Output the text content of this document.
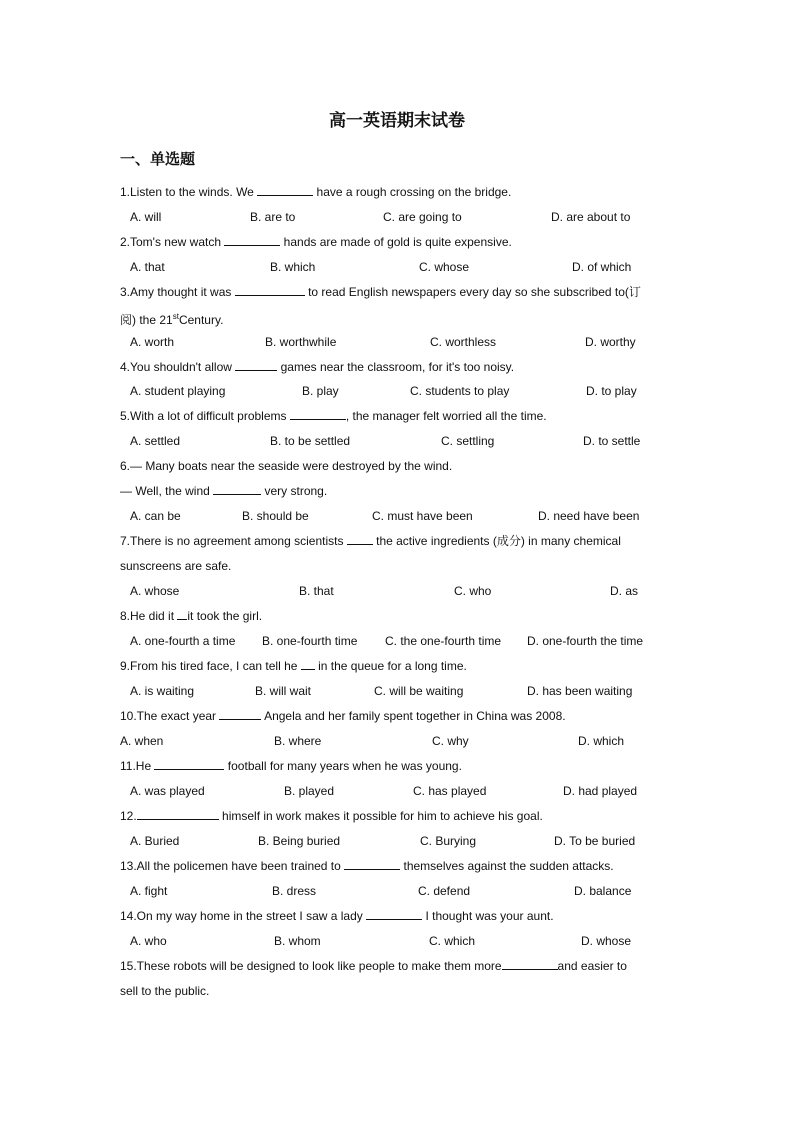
高一英语期末试卷
一、单选题
1.Listen to the winds. We	have a rough crossing on the bridge.
A. will	B. are to	C. are going to	D. are about to
2.Tom's new watch	hands are made of gold is quite expensive.
A. that	B. which	C. whose	D. of which
3.Amy thought it was	to read English newspapers every day so she subscribed to(订
阅) the 21stCentury.
A. worth	B. worthwhile	C. worthless	D. worthy
4.You shouldn't allow	games near the classroom, for it's too noisy.
A. student playing	B. play	C. students to play	D. to play
5.With a lot of difficult problems	, the manager felt worried all the time.
A. settled	B. to be settled	C. settling	D. to settle
6.— Many boats near the seaside were destroyed by the wind.
— Well, the wind	very strong.
A. can be	B. should be	C. must have been	D. need have been
7.There is no agreement among scientists  the active ingredients (成分) in many chemical
sunscreens are safe.
A. whose	B. that	C. who	D. as
8.He did it it took the girl.
A. one-fourth a time B. one-fourth time C. the one-fourth time D. one-fourth the time
9.From his tired face, I can tell he  in the queue for a long time.
A. is waiting	B. will wait	C. will be waiting	D. has been waiting
10.The exact year	Angela and her family spent together in China was 2008.
A. when	B. where	C. why	D. which
11.He	football for many years when he was young.
A. was played	B. played	C. has played	D. had played
12.	himself in work makes it possible for him to achieve his goal.
A. Buried	B. Being buried	C. Burying	D. To be buried
13.All the policemen have been trained to	themselves against the sudden attacks.
A. fight	B. dress	C. defend	D. balance
14.On my way home in the street I saw a lady	I thought was your aunt.
A. who	B. whom	C. which	D. whose
15.These robots will be designed to look like people to make them more	and easier to
sell to the public.
